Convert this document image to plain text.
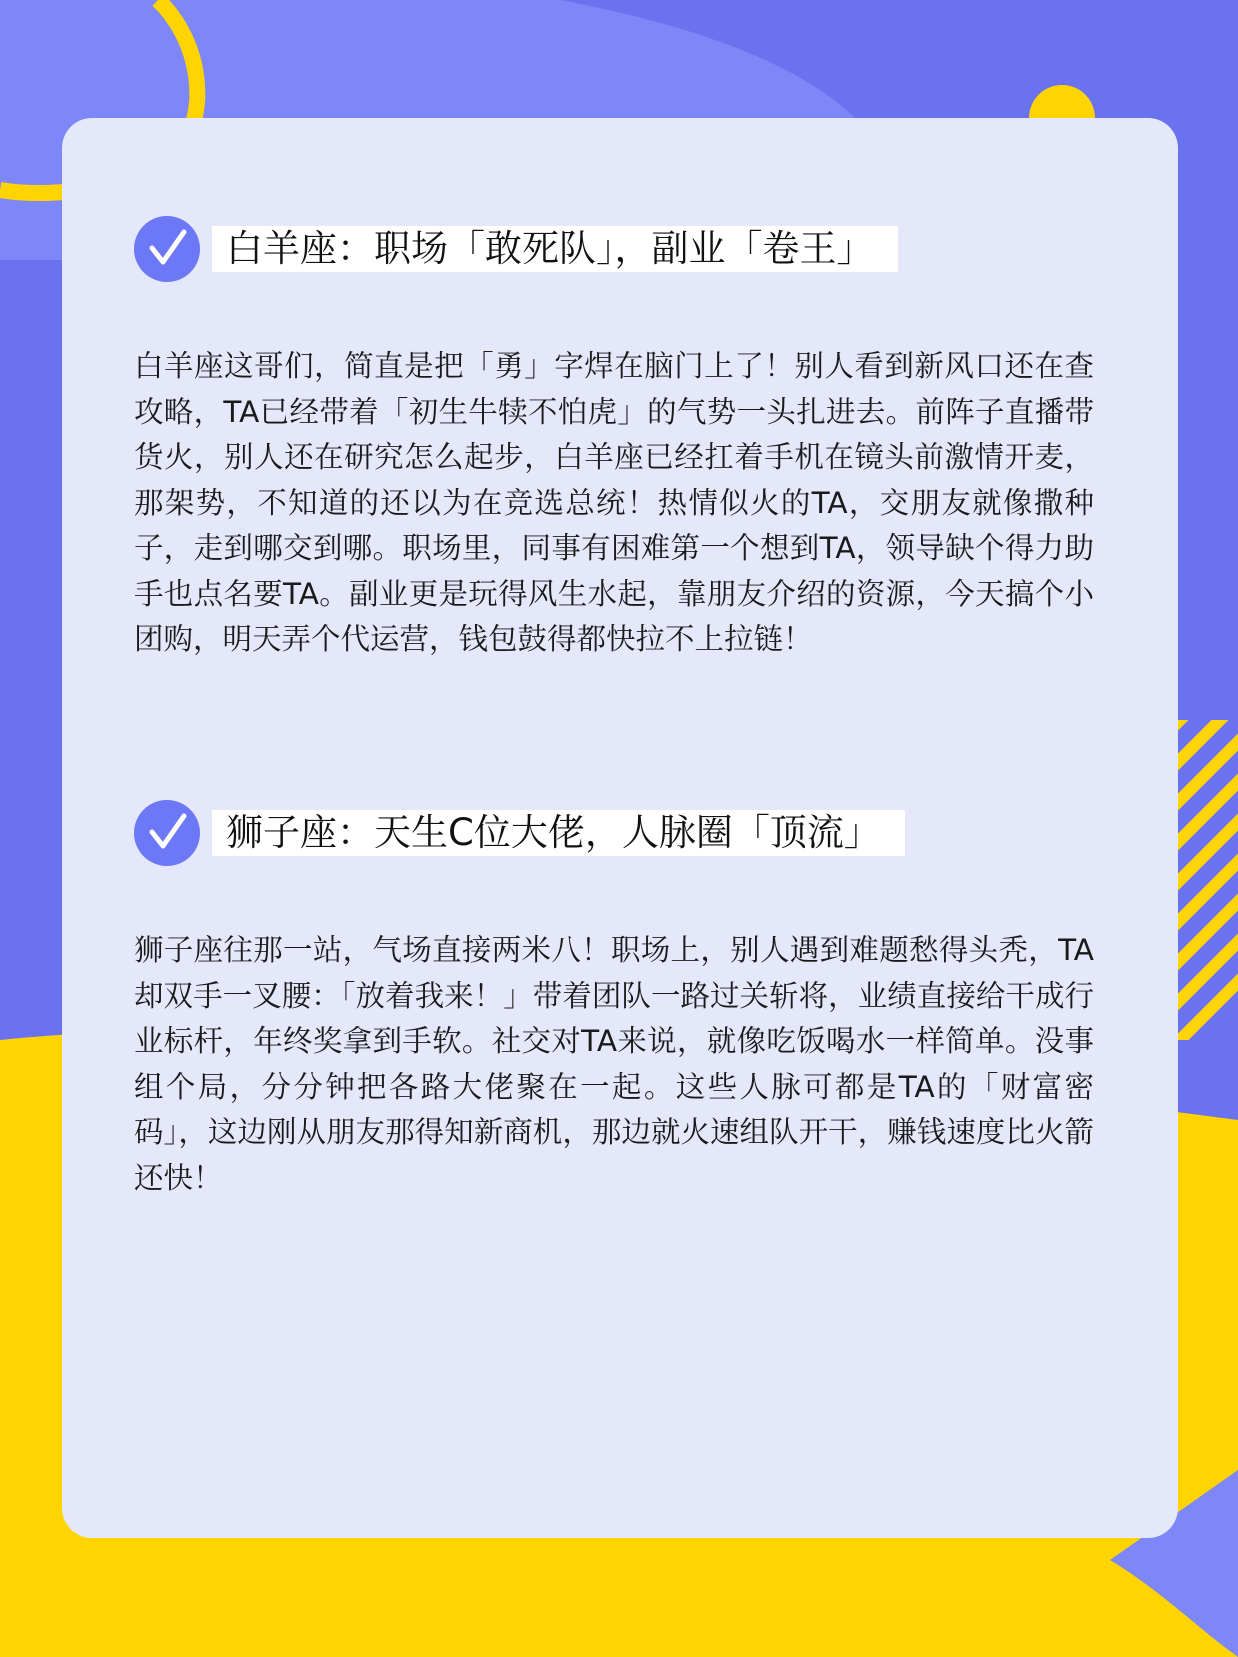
白羊座：职场「敢死队」，副业「卷王」

白羊座这哥们，简直是把「勇」字焊在脑门上了！别人看到新风口还在查攻略，TA已经带着「初生牛犊不怕虎」的气势一头扎进去。前阵子直播带货火，别人还在研究怎么起步，白羊座已经扛着手机在镜头前激情开麦，那架势，不知道的还以为在竞选总统！热情似火的TA，交朋友就像撒种子，走到哪交到哪。职场里，同事有困难第一个想到TA，领导缺个得力助手也点名要TA。副业更是玩得风生水起，靠朋友介绍的资源，今天搞个小团购，明天弄个代运营，钱包鼓得都快拉不上拉链！

狮子座：天生C位大佬，人脉圈「顶流」

狮子座往那一站，气场直接两米八！职场上，别人遇到难题愁得头秃，TA却双手一叉腰：「放着我来！」带着团队一路过关斩将，业绩直接给干成行业标杆，年终奖拿到手软。社交对TA来说，就像吃饭喝水一样简单。没事组个局，分分钟把各路大佬聚在一起。这些人脉可都是TA的「财富密码」，这边刚从朋友那得知新商机，那边就火速组队开干，赚钱速度比火箭还快！
